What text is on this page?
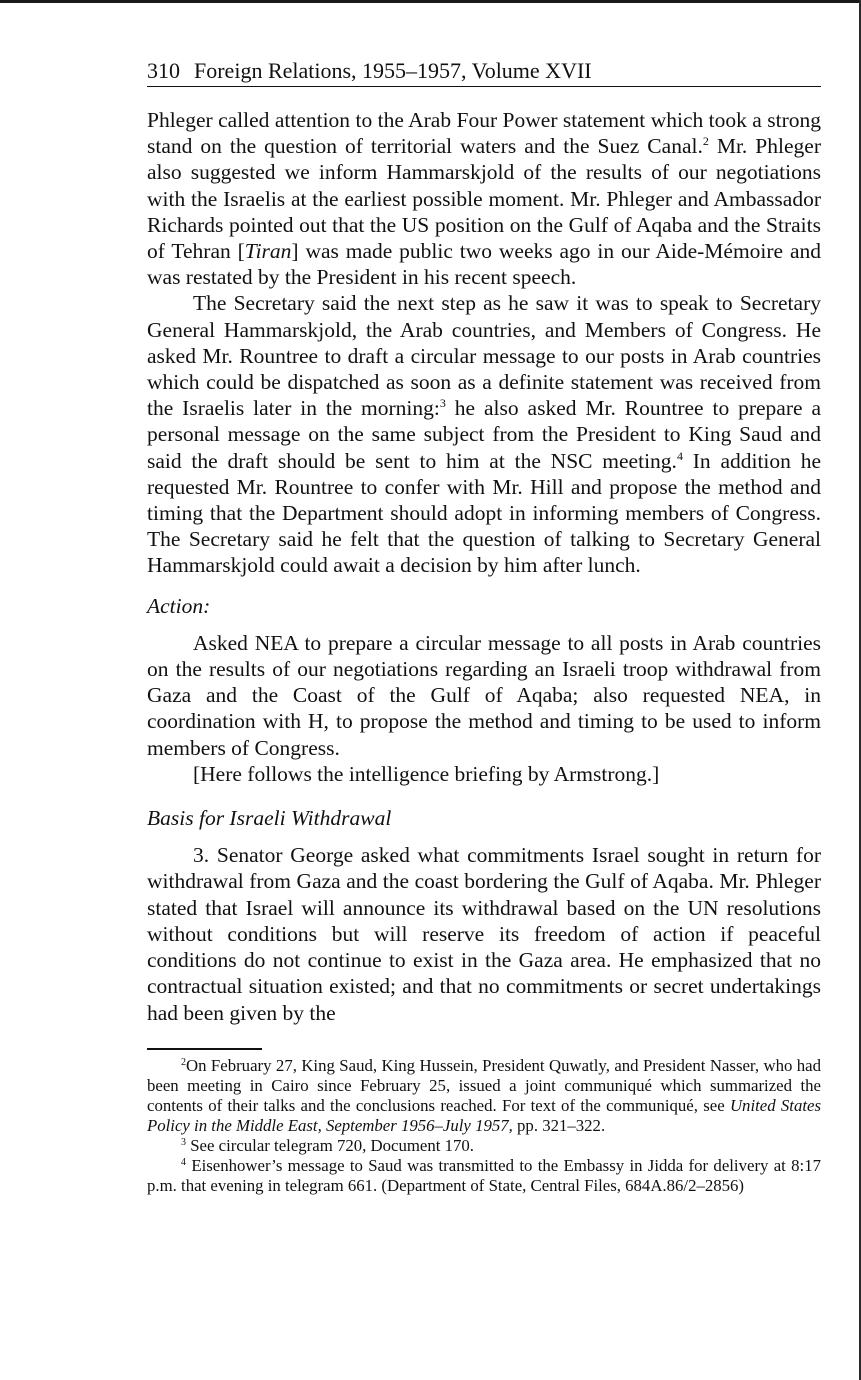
310 Foreign Relations, 1955–1957, Volume XVII

Phleger called attention to the Arab Four Power statement which took a strong stand on the question of territorial waters and the Suez Canal.$^2$ Mr. Phleger also suggested we inform Hammarskjold of the results of our negotiations with the Israelis at the earliest possible moment. Mr. Phleger and Ambassador Richards pointed out that the US position on the Gulf of Aqaba and the Straits of Tehran [Tiran] was made public two weeks ago in our Aide-Mémoire and was restated by the President in his recent speech.

The Secretary said the next step as he saw it was to speak to Secretary General Hammarskjold, the Arab countries, and Members of Congress. He asked Mr. Rountree to draft a circular message to our posts in Arab countries which could be dispatched as soon as a definite statement was received from the Israelis later in the morning:$^3$ he also asked Mr. Rountree to prepare a personal message on the same subject from the President to King Saud and said the draft should be sent to him at the NSC meeting.$^4$ In addition he requested Mr. Rountree to confer with Mr. Hill and propose the method and timing that the Department should adopt in informing members of Congress. The Secretary said he felt that the question of talking to Secretary General Hammarskjold could await a decision by him after lunch.

Action:

Asked NEA to prepare a circular message to all posts in Arab countries on the results of our negotiations regarding an Israeli troop withdrawal from Gaza and the Coast of the Gulf of Aqaba; also requested NEA, in coordination with H, to propose the method and timing to be used to inform members of Congress.

[Here follows the intelligence briefing by Armstrong.]

Basis for Israeli Withdrawal

3. Senator George asked what commitments Israel sought in return for withdrawal from Gaza and the coast bordering the Gulf of Aqaba. Mr. Phleger stated that Israel will announce its withdrawal based on the UN resolutions without conditions but will reserve its freedom of action if peaceful conditions do not continue to exist in the Gaza area. He emphasized that no contractual situation existed; and that no commitments or secret undertakings had been given by the

$^2$On February 27, King Saud, King Hussein, President Quwatly, and President Nasser, who had been meeting in Cairo since February 25, issued a joint communiqué which summarized the contents of their talks and the conclusions reached. For text of the communiqué, see United States Policy in the Middle East, September 1956–July 1957, pp. 321–322.

$^3$ See circular telegram 720, Document 170.

$^4$ Eisenhower’s message to Saud was transmitted to the Embassy in Jidda for delivery at 8:17 p.m. that evening in telegram 661. (Department of State, Central Files, 684A.86/2–2856)
